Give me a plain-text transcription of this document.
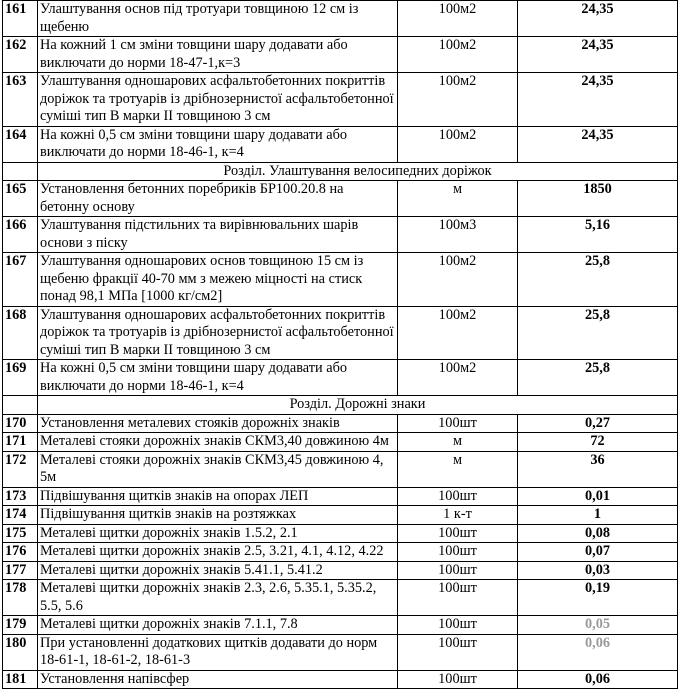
161	Улаштування основ під тротуари товщиною 12 см із щебеню	100м2	24,35
162	На кожний 1 см зміни товщини шару додавати або виключати до норми 18-47-1,к=3	100м2	24,35
163	Улаштування одношарових асфальтобетонних покриттів доріжок та тротуарів із дрібнозернистої асфальтобетонної суміші тип В марки ІІ товщиною 3 см	100м2	24,35
164	На кожні 0,5 см зміни товщини шару додавати або виключати до норми 18-46-1, к=4	100м2	24,35
	Розділ. Улаштування велосипедних доріжок		
165	Установлення бетонних поребриків БР100.20.8 на бетонну основу	м	1850
166	Улаштування підстильних та вирівнювальних шарів основи з піску	100м3	5,16
167	Улаштування одношарових основ товщиною 15 см із щебеню фракції 40-70 мм з межею міцності на стиск понад 98,1 МПа [1000 кг/см2]	100м2	25,8
168	Улаштування одношарових асфальтобетонних покриттів доріжок та тротуарів із дрібнозернистої асфальтобетонної суміші тип В марки ІІ товщиною 3 см	100м2	25,8
169	На кожні 0,5 см зміни товщини шару додавати або виключати до норми 18-46-1, к=4	100м2	25,8
	Розділ. Дорожні знаки		
170	Установлення металевих стояків дорожніх знаків	100шт	0,27
171	Металеві стояки дорожніх знаків СКМ3,40 довжиною 4м	м	72
172	Металеві стояки дорожніх знаків СКМ3,45 довжиною 4, 5м	м	36
173	Підвішування щитків знаків на опорах ЛЕП	100шт	0,01
174	Підвішування щитків знаків на розтяжках	1 к-т	1
175	Металеві щитки дорожніх знаків 1.5.2, 2.1	100шт	0,08
176	Металеві щитки дорожніх знаків 2.5, 3.21, 4.1, 4.12, 4.22	100шт	0,07
177	Металеві щитки дорожніх знаків 5.41.1, 5.41.2	100шт	0,03
178	Металеві щитки дорожніх знаків 2.3, 2.6, 5.35.1, 5.35.2, 5.5, 5.6	100шт	0,19
179	Металеві щитки дорожніх знаків 7.1.1, 7.8	100шт	0,05
180	При установленні додаткових щитків додавати до норм 18-61-1, 18-61-2, 18-61-3	100шт	0,06
181	Установлення напівсфер	100шт	0,06
